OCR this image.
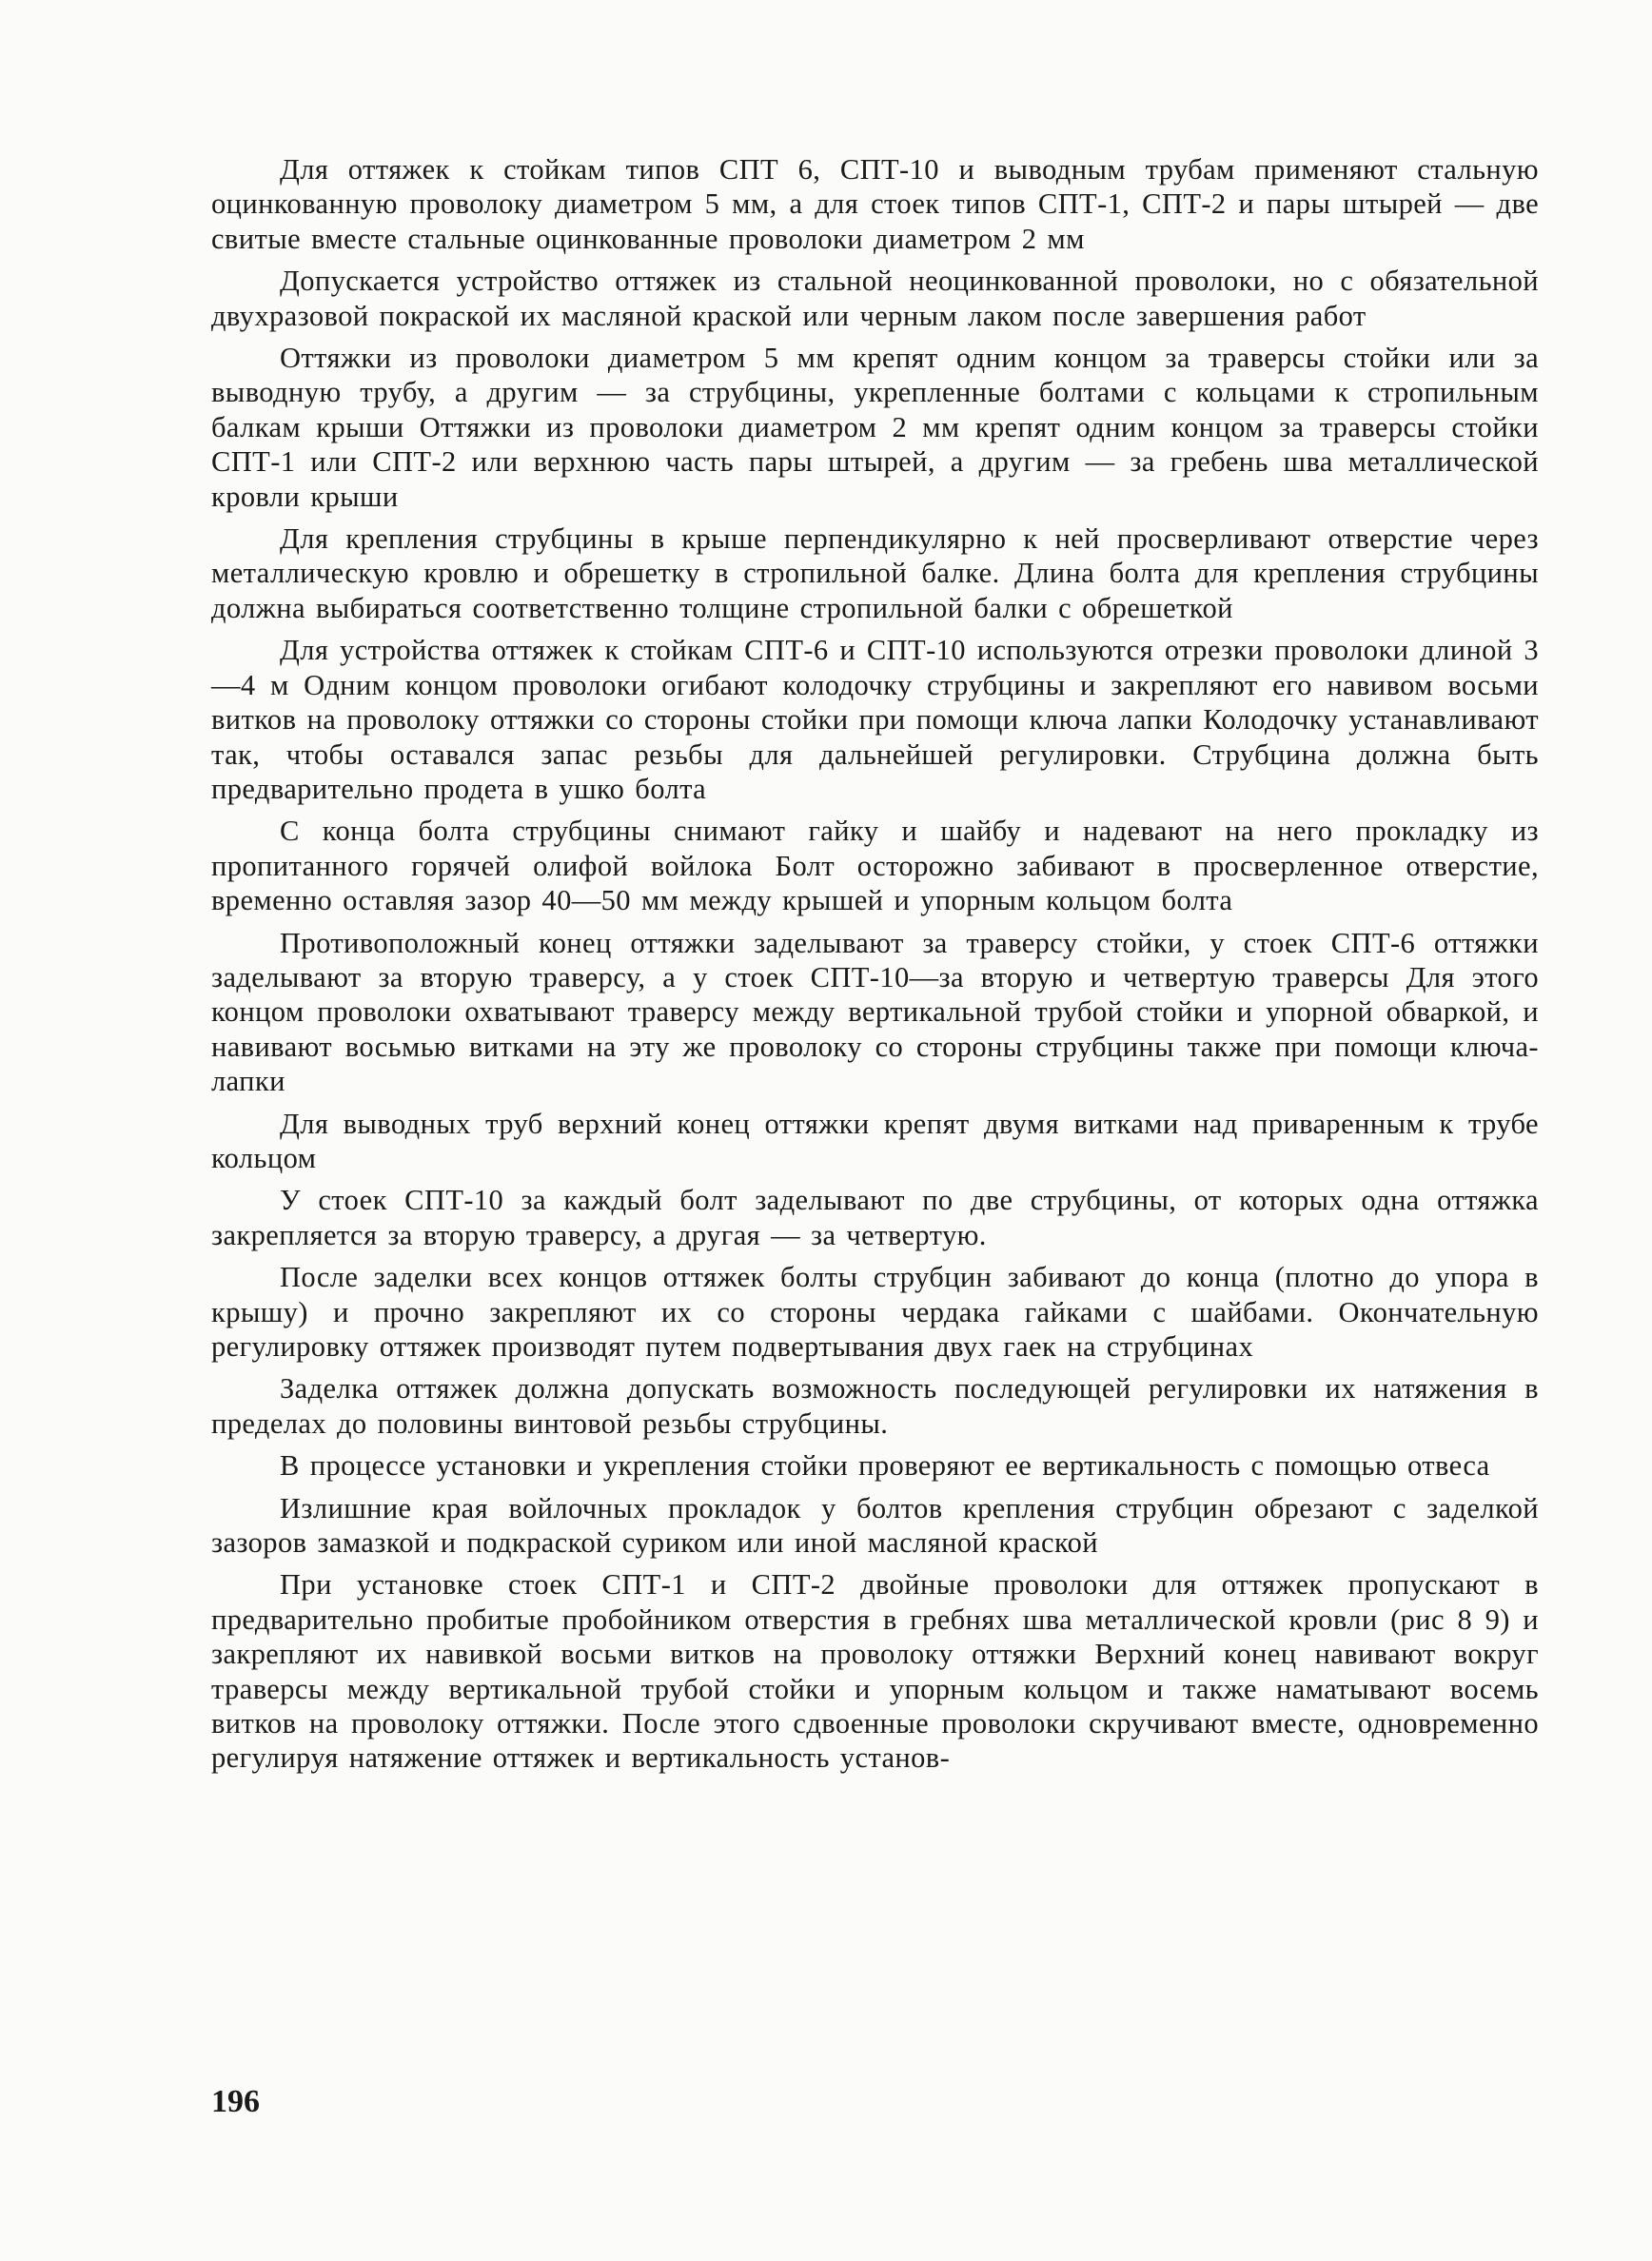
Для оттяжек к стойкам типов СПТ 6, СПТ-10 и выводным трубам применяют стальную оцинкованную проволоку диаметром 5 мм, а для стоек типов СПТ-1, СПТ-2 и пары штырей — две свитые вместе стальные оцинкованные проволоки диаметром 2 мм

Допускается устройство оттяжек из стальной неоцинкованной проволоки, но с обязательной двухразовой покраской их масляной краской или черным лаком после завершения работ

Оттяжки из проволоки диаметром 5 мм крепят одним концом за траверсы стойки или за выводную трубу, а другим — за струбцины, укрепленные болтами с кольцами к стропильным балкам крыши Оттяжки из проволоки диаметром 2 мм крепят одним концом за траверсы стойки СПТ-1 или СПТ-2 или верхнюю часть пары штырей, а другим — за гребень шва металлической кровли крыши

Для крепления струбцины в крыше перпендикулярно к ней просверливают отверстие через металлическую кровлю и обрешетку в стропильной балке. Длина болта для крепления струбцины должна выбираться соответственно толщине стропильной балки с обрешеткой

Для устройства оттяжек к стойкам СПТ-6 и СПТ-10 используются отрезки проволоки длиной 3—4 м Одним концом проволоки огибают колодочку струбцины и закрепляют его навивом восьми витков на проволоку оттяжки со стороны стойки при помощи ключа лапки Колодочку устанавливают так, чтобы оставался запас резьбы для дальнейшей регулировки. Струбцина должна быть предварительно продета в ушко болта

С конца болта струбцины снимают гайку и шайбу и надевают на него прокладку из пропитанного горячей олифой войлока Болт осторожно забивают в просверленное отверстие, временно оставляя зазор 40—50 мм между крышей и упорным кольцом болта

Противоположный конец оттяжки заделывают за траверсу стойки, у стоек СПТ-6 оттяжки заделывают за вторую траверсу, а у стоек СПТ-10—за вторую и четвертую траверсы Для этого концом проволоки охватывают траверсу между вертикальной трубой стойки и упорной обваркой, и навивают восьмью витками на эту же проволоку со стороны струбцины также при помощи ключа-лапки

Для выводных труб верхний конец оттяжки крепят двумя витками над приваренным к трубе кольцом

У стоек СПТ-10 за каждый болт заделывают по две струбцины, от которых одна оттяжка закрепляется за вторую траверсу, а другая — за четвертую.

После заделки всех концов оттяжек болты струбцин забивают до конца (плотно до упора в крышу) и прочно закрепляют их со стороны чердака гайками с шайбами. Окончательную регулировку оттяжек производят путем подвертывания двух гаек на струбцинах

Заделка оттяжек должна допускать возможность последующей регулировки их натяжения в пределах до половины винтовой резьбы струбцины.

В процессе установки и укрепления стойки проверяют ее вертикальность с помощью отвеса

Излишние края войлочных прокладок у болтов крепления струбцин обрезают с заделкой зазоров замазкой и подкраской суриком или иной масляной краской

При установке стоек СПТ-1 и СПТ-2 двойные проволоки для оттяжек пропускают в предварительно пробитые пробойником отверстия в гребнях шва металлической кровли (рис 8 9) и закрепляют их навивкой восьми витков на проволоку оттяжки Верхний конец навивают вокруг траверсы между вертикальной трубой стойки и упорным кольцом и также наматывают восемь витков на проволоку оттяжки. После этого сдвоенные проволоки скручивают вместе, одновременно регулируя натяжение оттяжек и вертикальность установ-

196
